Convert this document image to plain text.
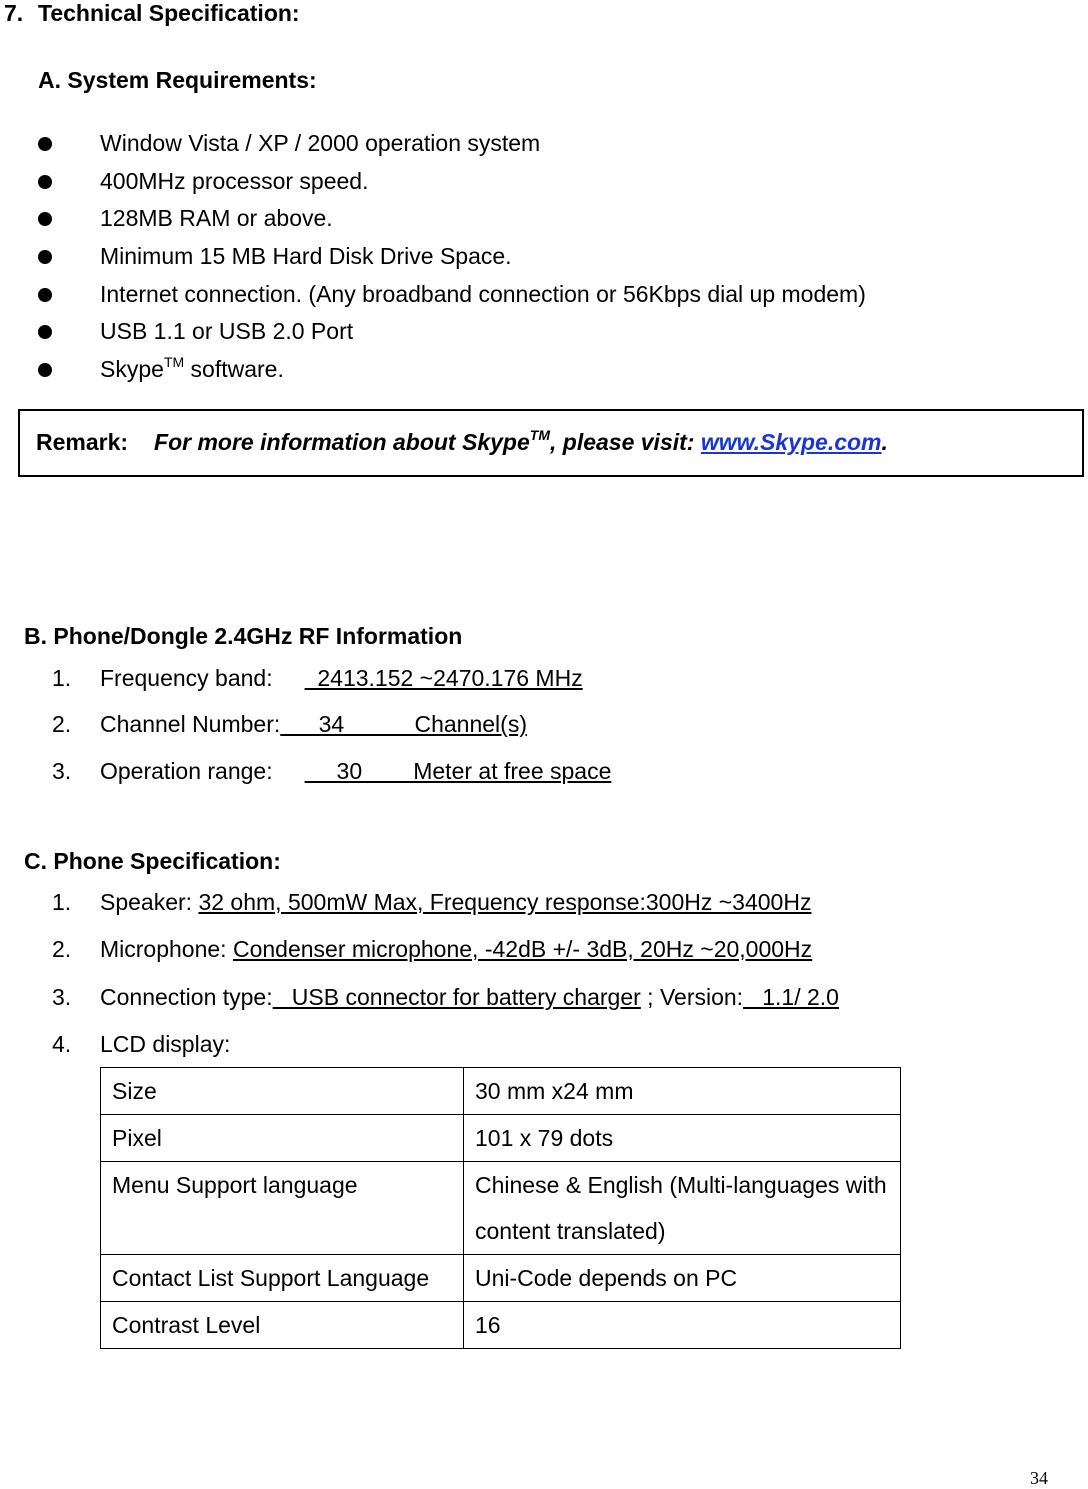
7. Technical Specification:
A. System Requirements:
Window Vista / XP / 2000 operation system
400MHz processor speed.
128MB RAM or above.
Minimum 15 MB Hard Disk Drive Space.
Internet connection. (Any broadband connection or 56Kbps dial up modem)
USB 1.1 or USB 2.0 Port
Skype™ software.
Remark: For more information about Skype™, please visit: www.Skype.com.
B. Phone/Dongle 2.4GHz RF Information
1. Frequency band:       2413.152 ~2470.176 MHz
2. Channel Number:      34           Channel(s)
3. Operation range:          30        Meter at free space
C. Phone Specification:
1. Speaker: 32 ohm, 500mW Max, Frequency response:300Hz ~3400Hz
2. Microphone: Condenser microphone, -42dB +/- 3dB, 20Hz ~20,000Hz
3. Connection type:   USB connector for battery charger ; Version:   1.1/ 2.0
4. LCD display:
Size	30 mm x24 mm
Pixel	101 x 79 dots
Menu Support language	Chinese & English (Multi-languages with content translated)
Contact List Support Language	Uni-Code depends on PC
Contrast Level	16
34
